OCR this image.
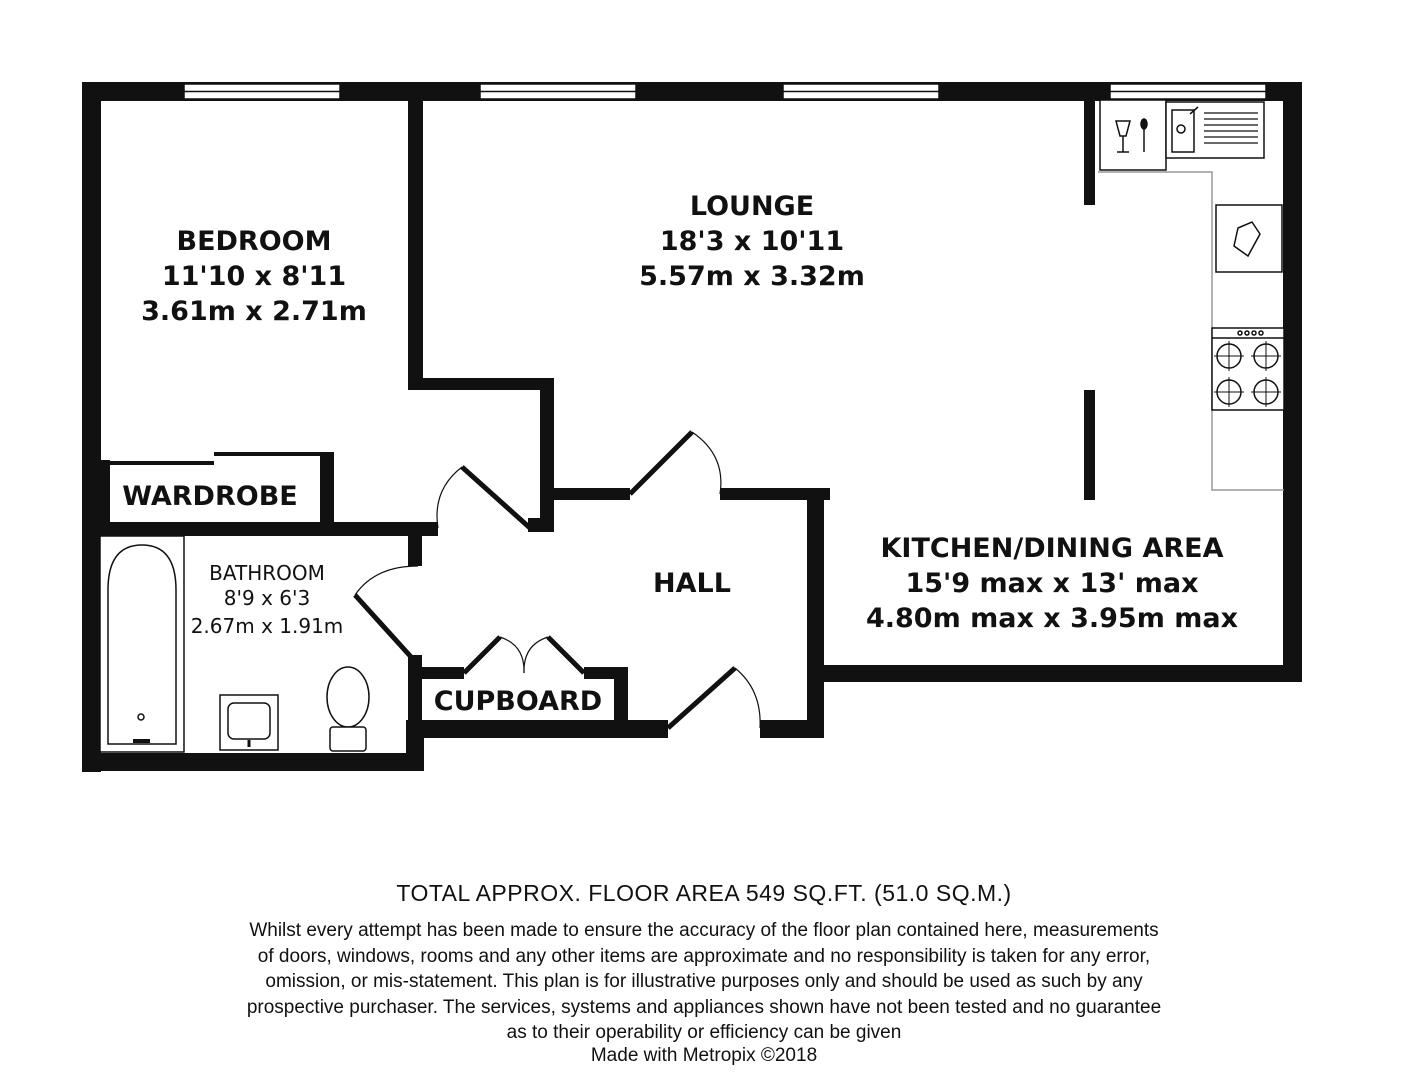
BEDROOM
11'10 x 8'11
3.61m x 2.71m
LOUNGE
18'3 x 10'11
5.57m x 3.32m
KITCHEN/DINING AREA
15'9 max x 13' max
4.80m max x 3.95m max
BATHROOM
8'9 x 6'3
2.67m x 1.91m
HALL
WARDROBE
CUPBOARD
TOTAL APPROX. FLOOR AREA 549 SQ.FT. (51.0 SQ.M.)
Whilst every attempt has been made to ensure the accuracy of the floor plan contained here, measurements
of doors, windows, rooms and any other items are approximate and no responsibility is taken for any error,
omission, or mis-statement. This plan is for illustrative purposes only and should be used as such by any
prospective purchaser. The services, systems and appliances shown have not been tested and no guarantee
as to their operability or efficiency can be given
Made with Metropix ©2018
